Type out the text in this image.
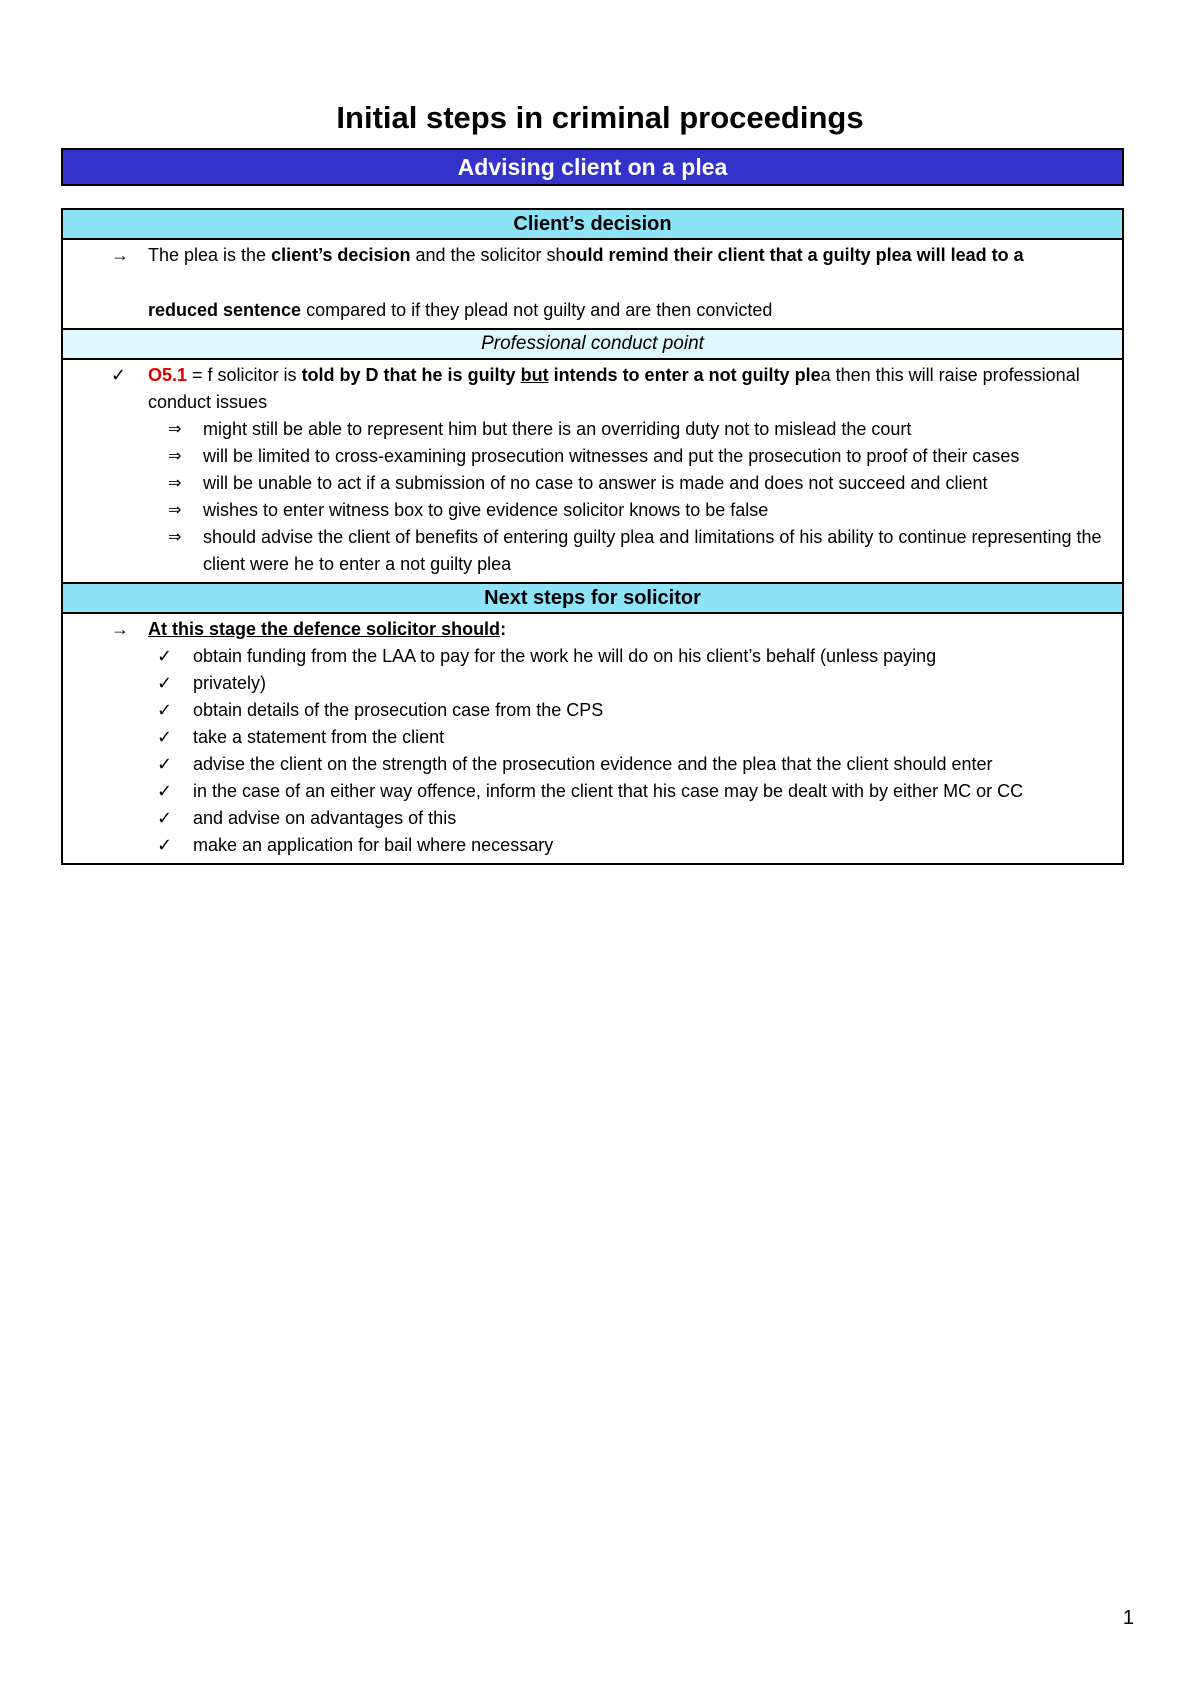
Initial steps in criminal proceedings
Advising client on a plea
Client’s decision
→ The plea is the client’s decision and the solicitor should remind their client that a guilty plea will lead to a
reduced sentence compared to if they plead not guilty and are then convicted
Professional conduct point
✓ O5.1 = f solicitor is told by D that he is guilty but intends to enter a not guilty plea then this will raise professional conduct issues
⇒ might still be able to represent him but there is an overriding duty not to mislead the court
⇒ will be limited to cross-examining prosecution witnesses and put the prosecution to proof of their cases
⇒ will be unable to act if a submission of no case to answer is made and does not succeed and client
⇒ wishes to enter witness box to give evidence solicitor knows to be false
⇒ should advise the client of benefits of entering guilty plea and limitations of his ability to continue representing the client were he to enter a not guilty plea
Next steps for solicitor
→ At this stage the defence solicitor should:
✓ obtain funding from the LAA to pay for the work he will do on his client’s behalf (unless paying
✓ privately)
✓ obtain details of the prosecution case from the CPS
✓ take a statement from the client
✓ advise the client on the strength of the prosecution evidence and the plea that the client should enter
✓ in the case of an either way offence, inform the client that his case may be dealt with by either MC or CC
✓ and advise on advantages of this
✓ make an application for bail where necessary
1
